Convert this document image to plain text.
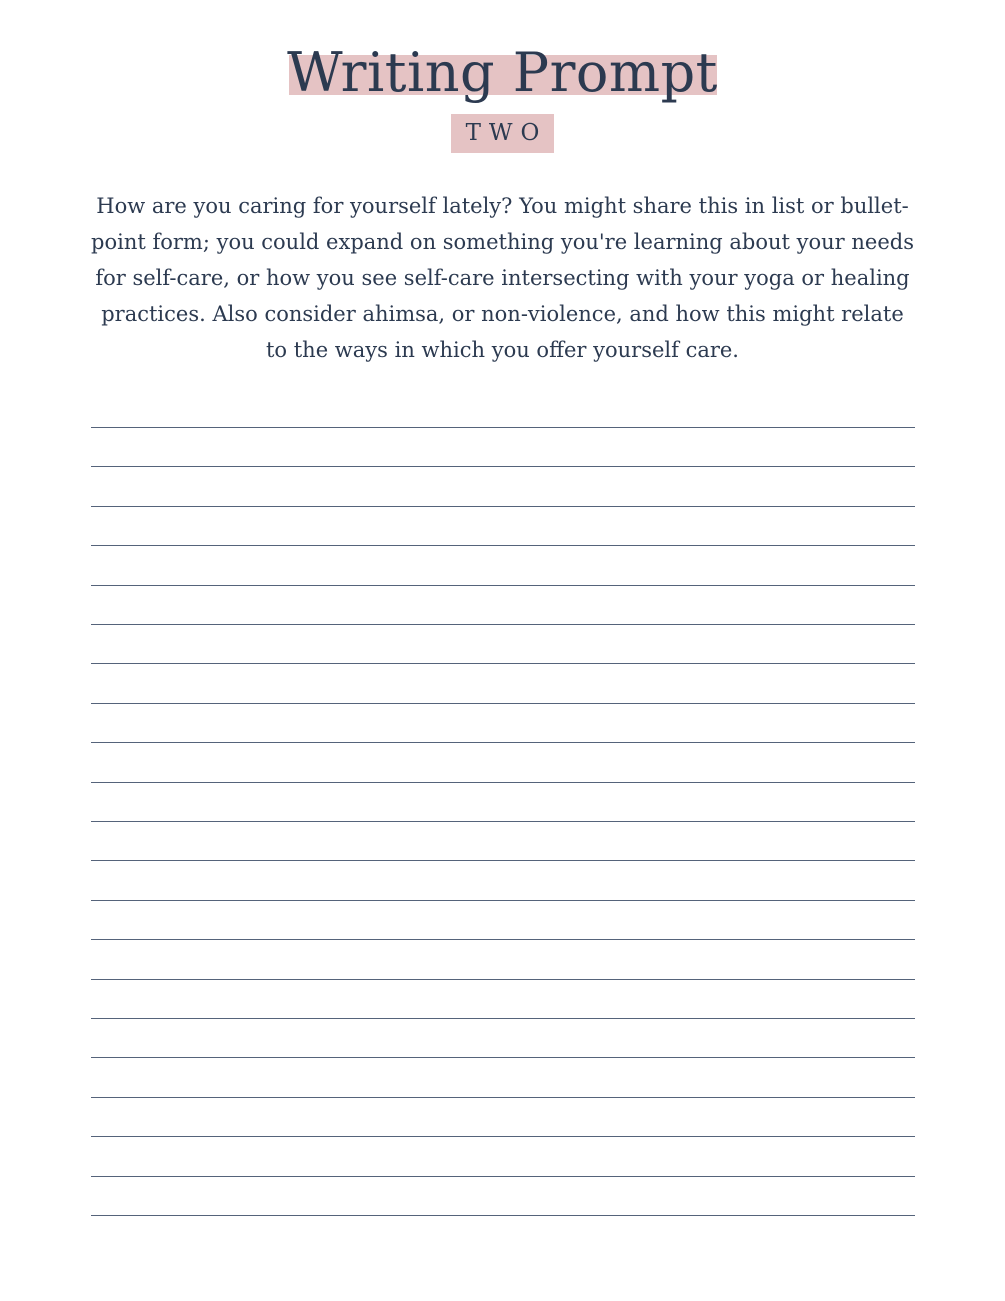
Writing Prompt
TWO

How are you caring for yourself lately? You might share this in list or bullet-point form; you could expand on something you're learning about your needs for self-care, or how you see self-care intersecting with your yoga or healing practices. Also consider ahimsa, or non-violence, and how this might relate to the ways in which you offer yourself care.
